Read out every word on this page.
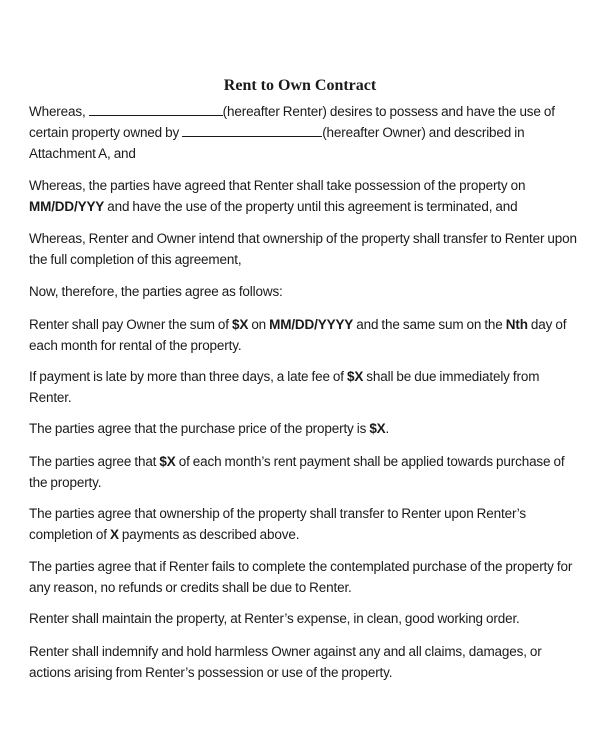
Rent to Own Contract

Whereas,	(hereafter Renter) desires to possess and have the use of
certain property owned by	(hereafter Owner) and described in
Attachment A, and

Whereas, the parties have agreed that Renter shall take possession of the property on
MM/DD/YYY and have the use of the property until this agreement is terminated, and

Whereas, Renter and Owner intend that ownership of the property shall transfer to Renter upon
the full completion of this agreement,

Now, therefore, the parties agree as follows:

Renter shall pay Owner the sum of $X on MM/DD/YYYY and the same sum on the Nth day of
each month for rental of the property.

If payment is late by more than three days, a late fee of $X shall be due immediately from
Renter.

The parties agree that the purchase price of the property is $X.

The parties agree that $X of each month’s rent payment shall be applied towards purchase of
the property.

The parties agree that ownership of the property shall transfer to Renter upon Renter’s
completion of X payments as described above.

The parties agree that if Renter fails to complete the contemplated purchase of the property for
any reason, no refunds or credits shall be due to Renter.

Renter shall maintain the property, at Renter’s expense, in clean, good working order.

Renter shall indemnify and hold harmless Owner against any and all claims, damages, or
actions arising from Renter’s possession or use of the property.
